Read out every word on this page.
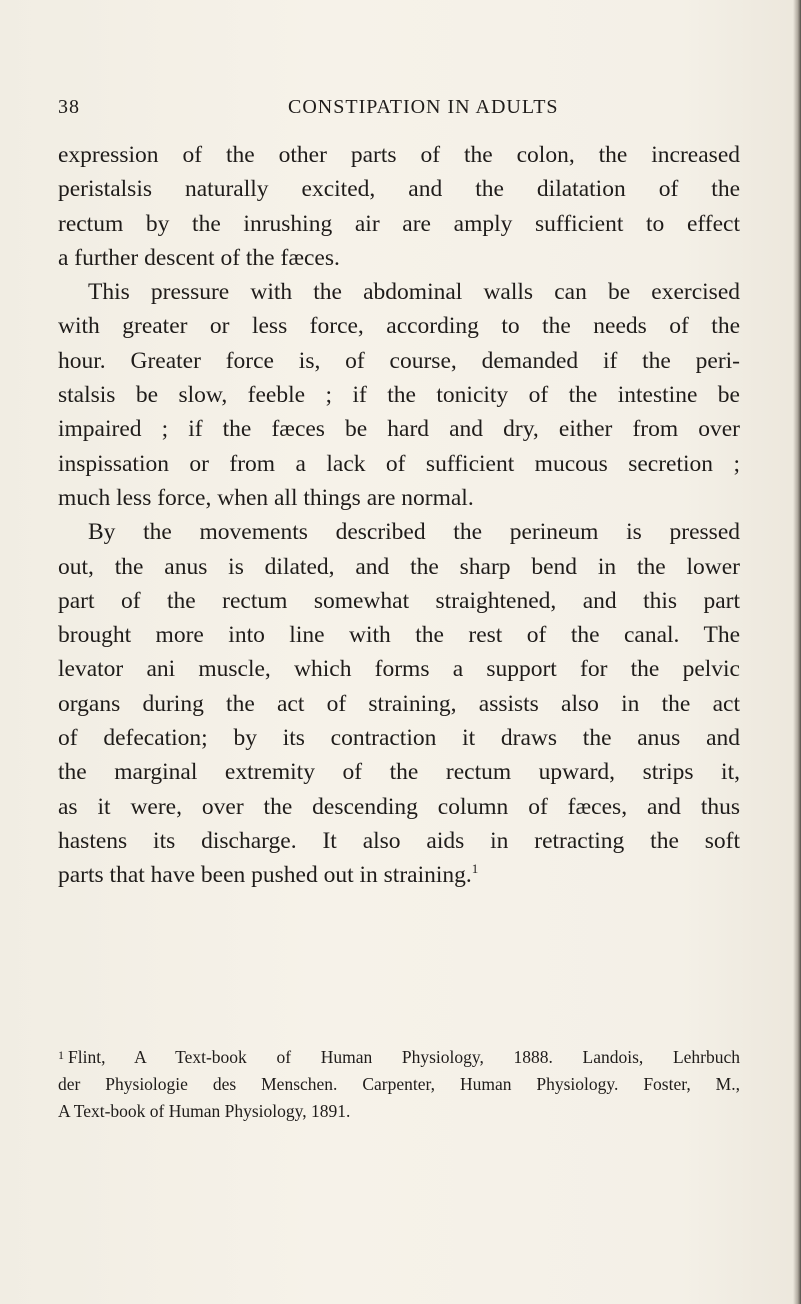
38	CONSTIPATION IN ADULTS
expression of the other parts of the colon, the increased
peristalsis naturally excited, and the dilatation of the
rectum by the inrushing air are amply sufficient to effect
a further descent of the fæces.
This pressure with the abdominal walls can be exercised
with greater or less force, according to the needs of the
hour. Greater force is, of course, demanded if the peri-
stalsis be slow, feeble ; if the tonicity of the intestine be
impaired ; if the fæces be hard and dry, either from over
inspissation or from a lack of sufficient mucous secretion ;
much less force, when all things are normal.
By the movements described the perineum is pressed
out, the anus is dilated, and the sharp bend in the lower
part of the rectum somewhat straightened, and this part
brought more into line with the rest of the canal. The
levator ani muscle, which forms a support for the pelvic
organs during the act of straining, assists also in the act
of defecation; by its contraction it draws the anus and
the marginal extremity of the rectum upward, strips it,
as it were, over the descending column of fæces, and thus
hastens its discharge. It also aids in retracting the soft
parts that have been pushed out in straining.$^1$
$^1$ Flint, A Text-book of Human Physiology, 1888. Landois, Lehrbuch
der Physiologie des Menschen. Carpenter, Human Physiology. Foster, M.,
A Text-book of Human Physiology, 1891.
